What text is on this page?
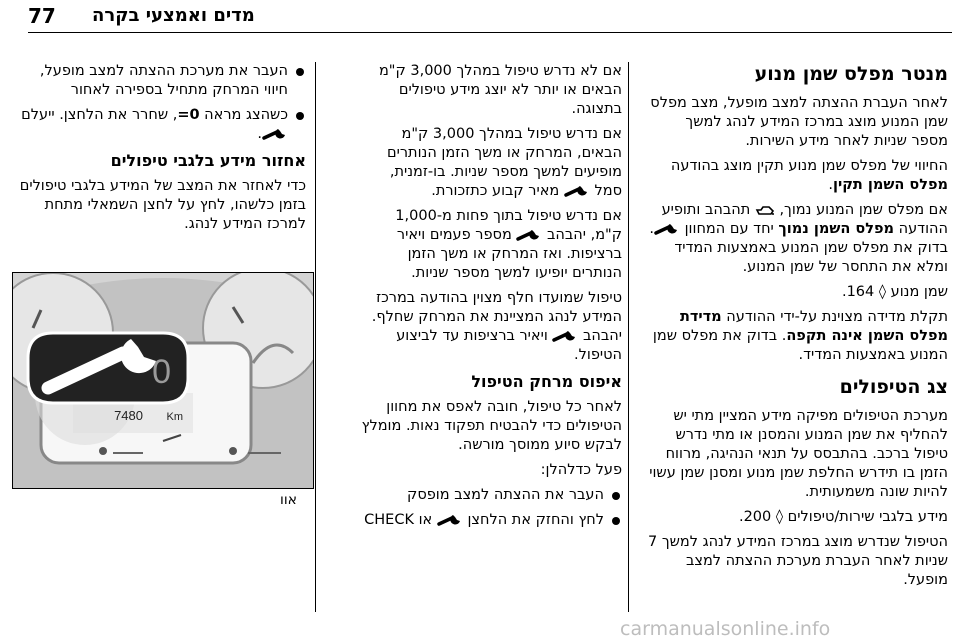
77 מדים ואמצעי בקרה
מנטר מפלס שמן מנוע

לאחר העברת ההצתה למצב מופעל, מצב מפלס שמן המנוע מוצג במרכז המידע לנהג למשך מספר שניות לאחר מידע השירות.

החיווי של מפלס שמן מנוע תקין מוצג בהודעה מפלס השמן תקין.

אם מפלס שמן המנוע נמוך,  תהבהב ותופיע ההודעה מפלס השמן נמוך יחד עם המחוון . בדוק את מפלס שמן המנוע באמצעות המדיד ומלא את התחסר של שמן המנוע.

שמן מנוע ◊ 164.

תקלת מדידה מצוינת על-ידי ההודעה מדידת מפלס השמן אינה תקפה. בדוק את מפלס שמן המנוע באמצעות המדיד.

צג הטיפולים

מערכת הטיפולים מפיקה מידע המציין מתי יש להחליף את שמן המנוע והמסנן או מתי נדרש טיפול ברכב. בהתבסס על תנאי הנהיגה, מרווח הזמן בו תידרש החלפת שמן מנוע ומסנן שמן עשוי להיות שונה משמעותית.

מידע בלגבי שירות/טיפולים ◊ 200.

הטיפול שנדרש מוצג במרכז המידע לנהג למשך 7 שניות לאחר העברת מערכת ההצתה למצב מופעל.

אם לא נדרש טיפול במהלך 3,000 ק"מ הבאים או יותר לא יוצג מידע טיפולים בתצוגה.

אם נדרש טיפול במהלך 3,000 ק"מ הבאים, המרחק או משך הזמן הנותרים מופיעים למשך מספר שניות. בו-זמנית, סמל  מאיר קבוע כתזכורת.

אם נדרש טיפול בתוך פחות מ-1,000 ק"מ, יהבהב  מספר פעמים ויאיר ברציפות. ואז המרחק או משך הזמן הנותרים יופיעו למשך מספר שניות.

טיפול שמועדו חלף מצוין בהודעה במרכז המידע לנהג המציינת את המרחק שחלף. יהבהב  ויאיר ברציפות עד לביצוע הטיפול.

איפוס מרחק הטיפול

לאחר כל טיפול, חובה לאפס את מחוון הטיפולים כדי להבטיח תפקוד נאות. מומלץ לבקש סיוע ממוסך מורשה.

פעל כדלהלן:

העבר את ההצתה למצב מופסק
לחץ והחזק את הלחצן  או CHECK
העבר את מערכת ההצתה למצב מופעל, חיווי המרחק מתחיל בספירה לאחור
כשהצג מראה =0, שחרר את הלחצן. ייעלם .
אחזור מידע בלגבי טיפולים

כדי לאחזר את המצב של המידע בלגבי טיפולים בזמן כלשהו, לחץ על לחצן השמאלי מתחת למרכז המידע לנהג.

0
7480 Km
אוו
carmanualsonline.info
